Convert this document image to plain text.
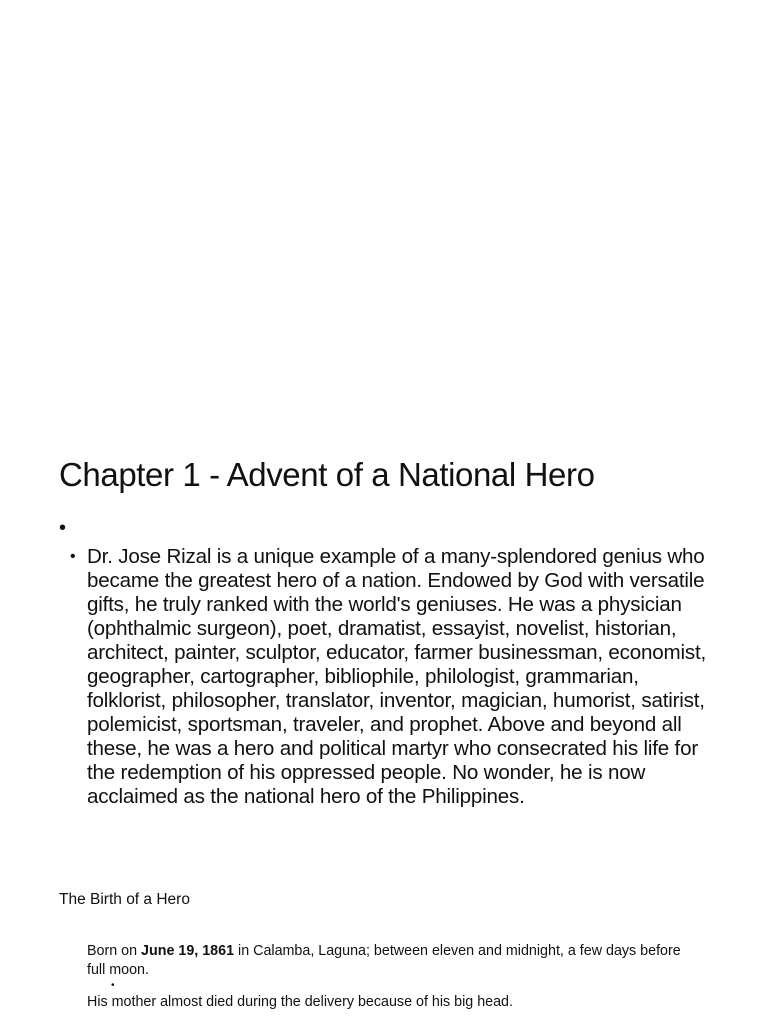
Chapter 1 - Advent of a National Hero
•
• Dr. Jose Rizal is a unique example of a many-splendored genius who became the greatest hero of a nation. Endowed by God with versatile gifts, he truly ranked with the world's geniuses. He was a physician (ophthalmic surgeon), poet, dramatist, essayist, novelist, historian, architect, painter, sculptor, educator, farmer businessman, economist, geographer, cartographer, bibliophile, philologist, grammarian, folklorist, philosopher, translator, inventor, magician, humorist, satirist, polemicist, sportsman, traveler, and prophet. Above and beyond all these, he was a hero and political martyr who consecrated his life for the redemption of his oppressed people. No wonder, he is now acclaimed as the national hero of the Philippines.

The Birth of a Hero

Born on June 19, 1861 in Calamba, Laguna; between eleven and midnight, a few days before full moon.

•

His mother almost died during the delivery because of his big head.
